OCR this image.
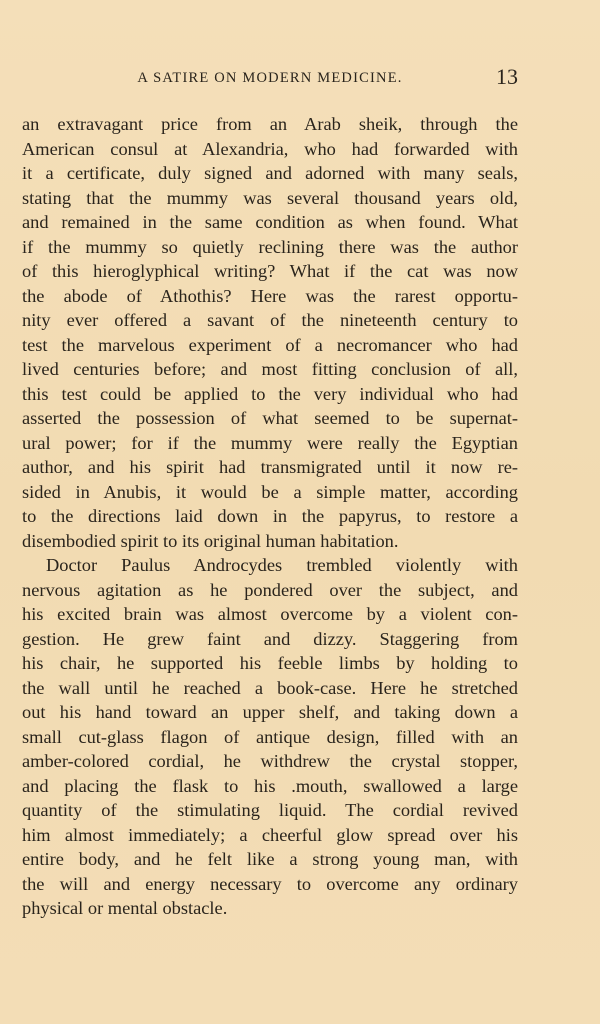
A SATIRE ON MODERN MEDICINE.	13
an extravagant price from an Arab sheik, through the
American consul at Alexandria, who had forwarded with
it a certificate, duly signed and adorned with many seals,
stating that the mummy was several thousand years old,
and remained in the same condition as when found. What
if the mummy so quietly reclining there was the author
of this hieroglyphical writing? What if the cat was now
the abode of Athothis? Here was the rarest opportu-
nity ever offered a savant of the nineteenth century to
test the marvelous experiment of a necromancer who had
lived centuries before; and most fitting conclusion of all,
this test could be applied to the very individual who had
asserted the possession of what seemed to be supernat-
ural power; for if the mummy were really the Egyptian
author, and his spirit had transmigrated until it now re-
sided in Anubis, it would be a simple matter, according
to the directions laid down in the papyrus, to restore a
disembodied spirit to its original human habitation.
Doctor Paulus Androcydes trembled violently with
nervous agitation as he pondered over the subject, and
his excited brain was almost overcome by a violent con-
gestion. He grew faint and dizzy. Staggering from
his chair, he supported his feeble limbs by holding to
the wall until he reached a book-case. Here he stretched
out his hand toward an upper shelf, and taking down a
small cut-glass flagon of antique design, filled with an
amber-colored cordial, he withdrew the crystal stopper,
and placing the flask to his .mouth, swallowed a large
quantity of the stimulating liquid. The cordial revived
him almost immediately; a cheerful glow spread over his
entire body, and he felt like a strong young man, with
the will and energy necessary to overcome any ordinary
physical or mental obstacle.
